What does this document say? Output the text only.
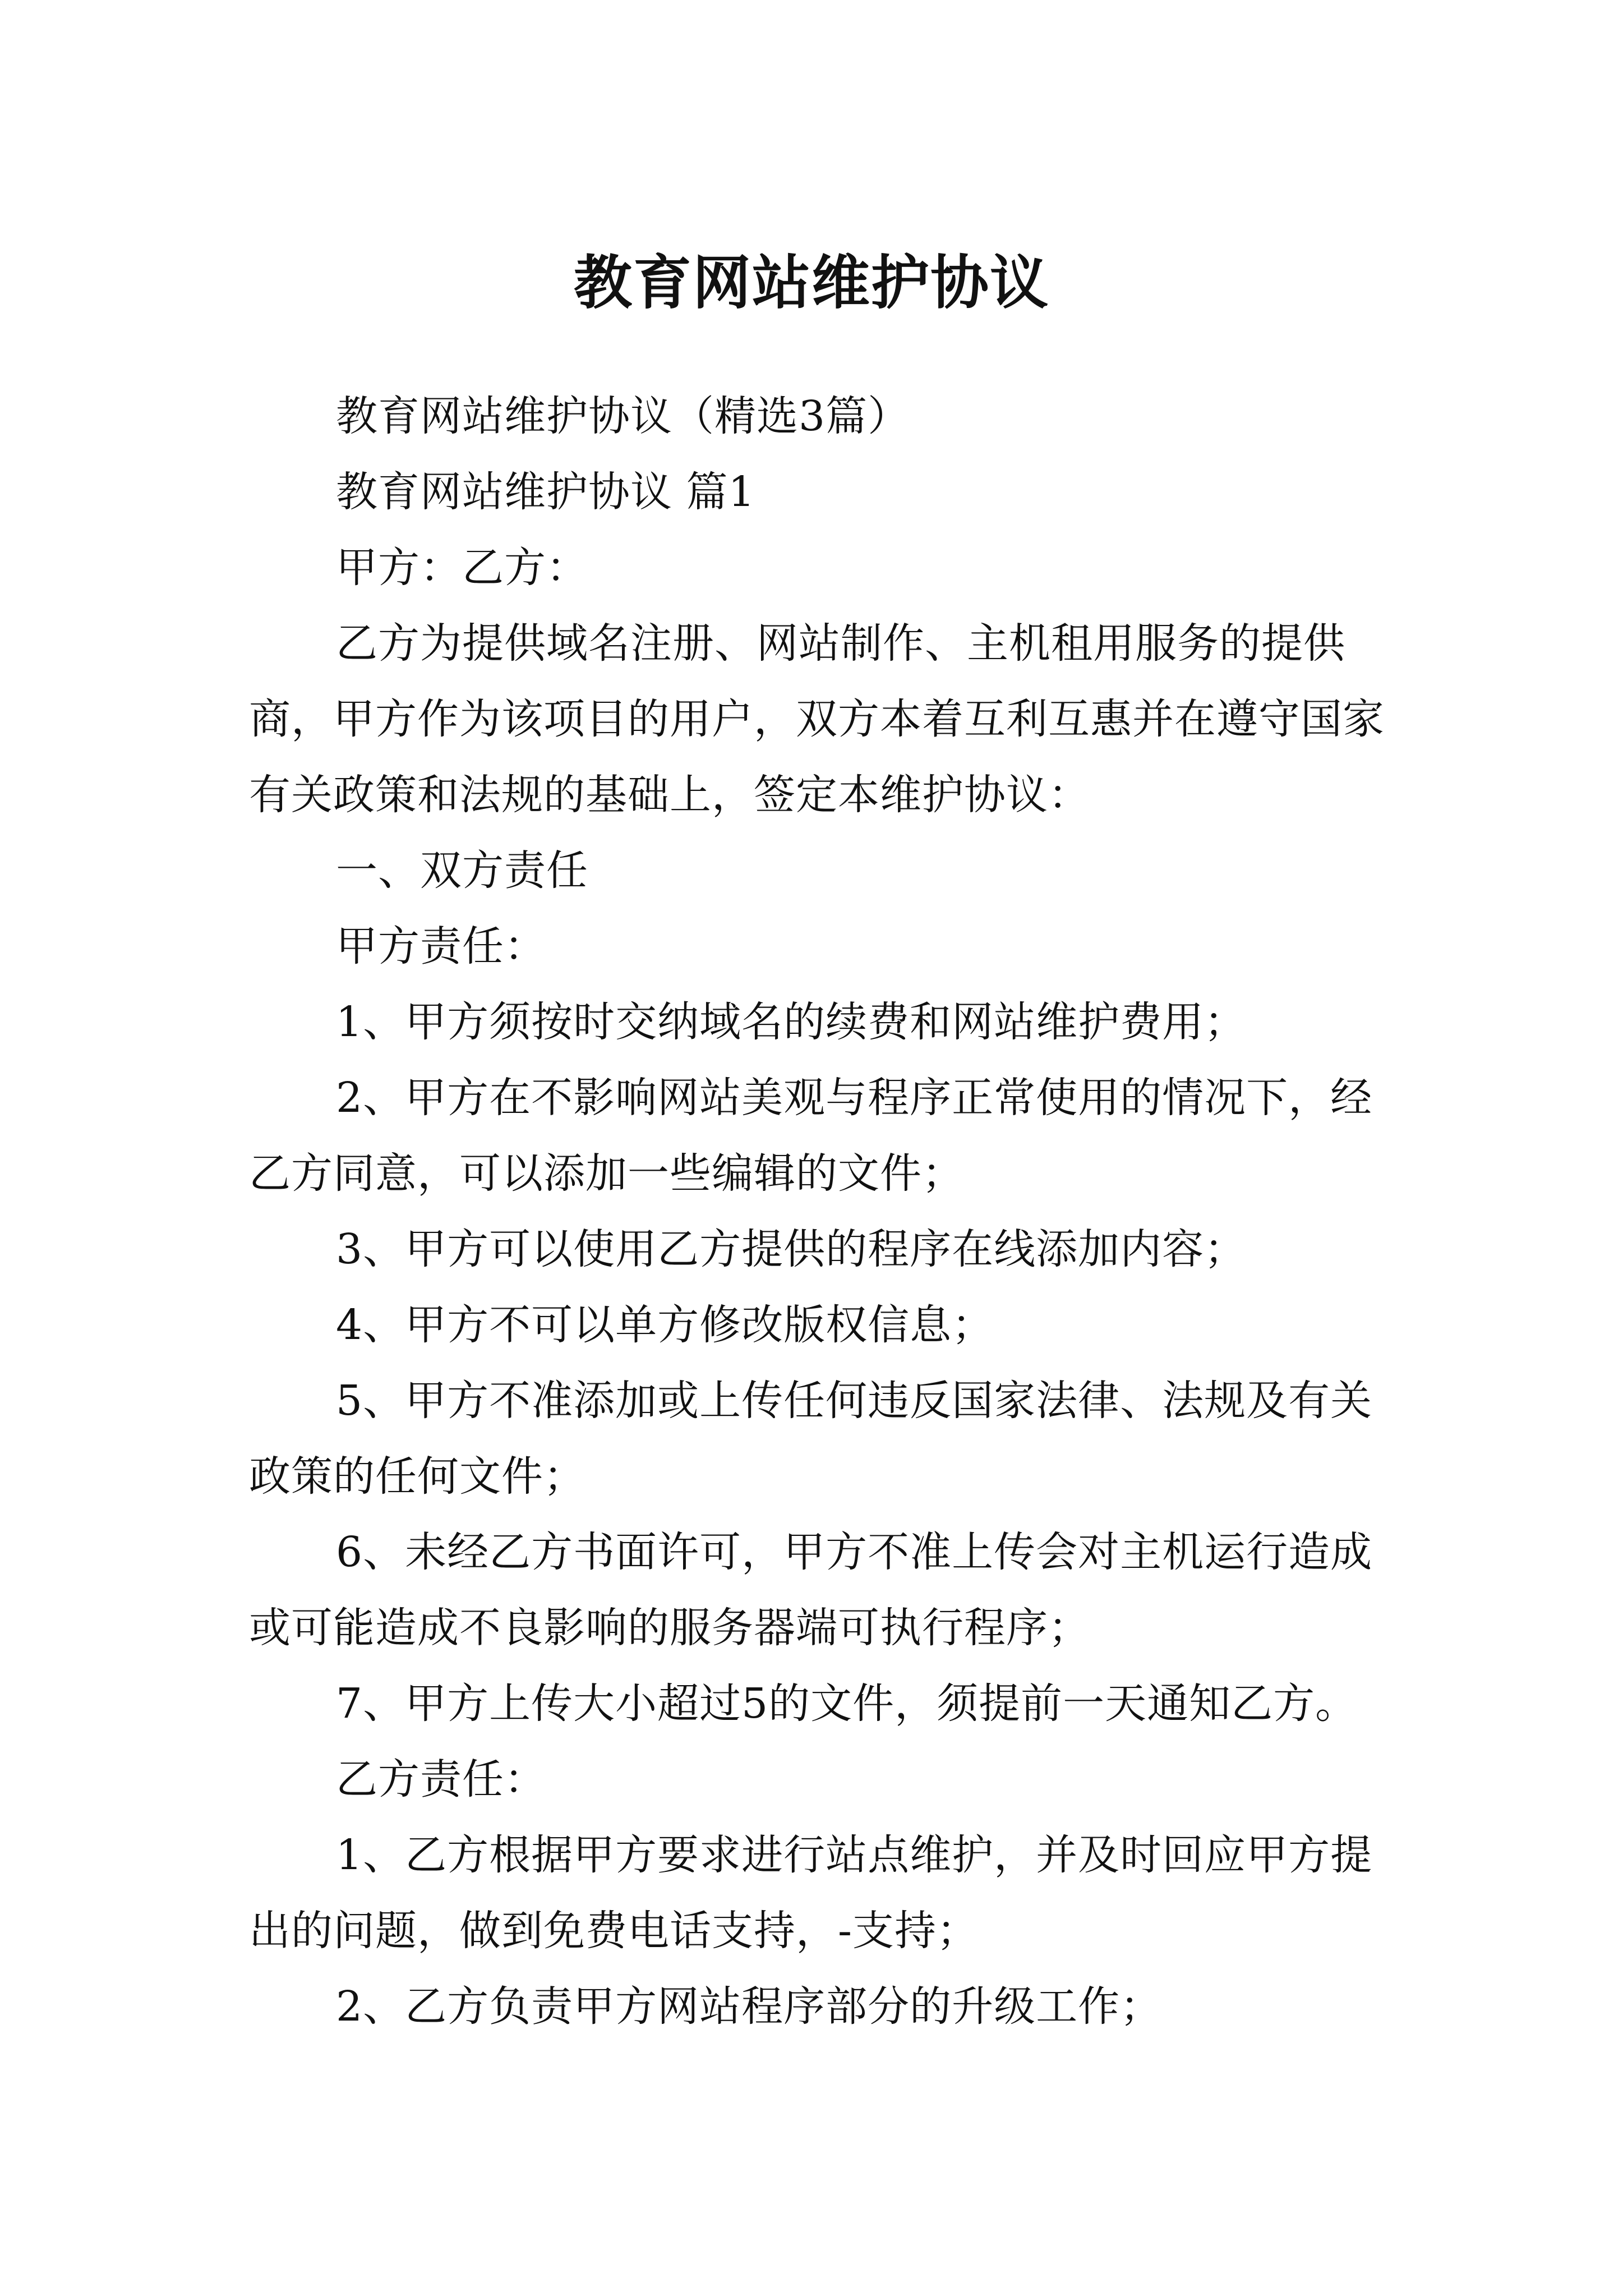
教育网站维护协议

教育网站维护协议（精选3篇）

教育网站维护协议 篇1

甲方：乙方：

乙方为提供域名注册、网站制作、主机租用服务的提供商，甲方作为该项目的用户，双方本着互利互惠并在遵守国家有关政策和法规的基础上，签定本维护协议：

一、双方责任

甲方责任：

1、甲方须按时交纳域名的续费和网站维护费用；

2、甲方在不影响网站美观与程序正常使用的情况下，经乙方同意，可以添加一些编辑的文件；

3、甲方可以使用乙方提供的程序在线添加内容；

4、甲方不可以单方修改版权信息；

5、甲方不准添加或上传任何违反国家法律、法规及有关政策的任何文件；

6、未经乙方书面许可，甲方不准上传会对主机运行造成或可能造成不良影响的服务器端可执行程序；

7、甲方上传大小超过5的文件，须提前一天通知乙方。

乙方责任：

1、乙方根据甲方要求进行站点维护，并及时回应甲方提出的问题，做到免费电话支持，-支持；

2、乙方负责甲方网站程序部分的升级工作；
